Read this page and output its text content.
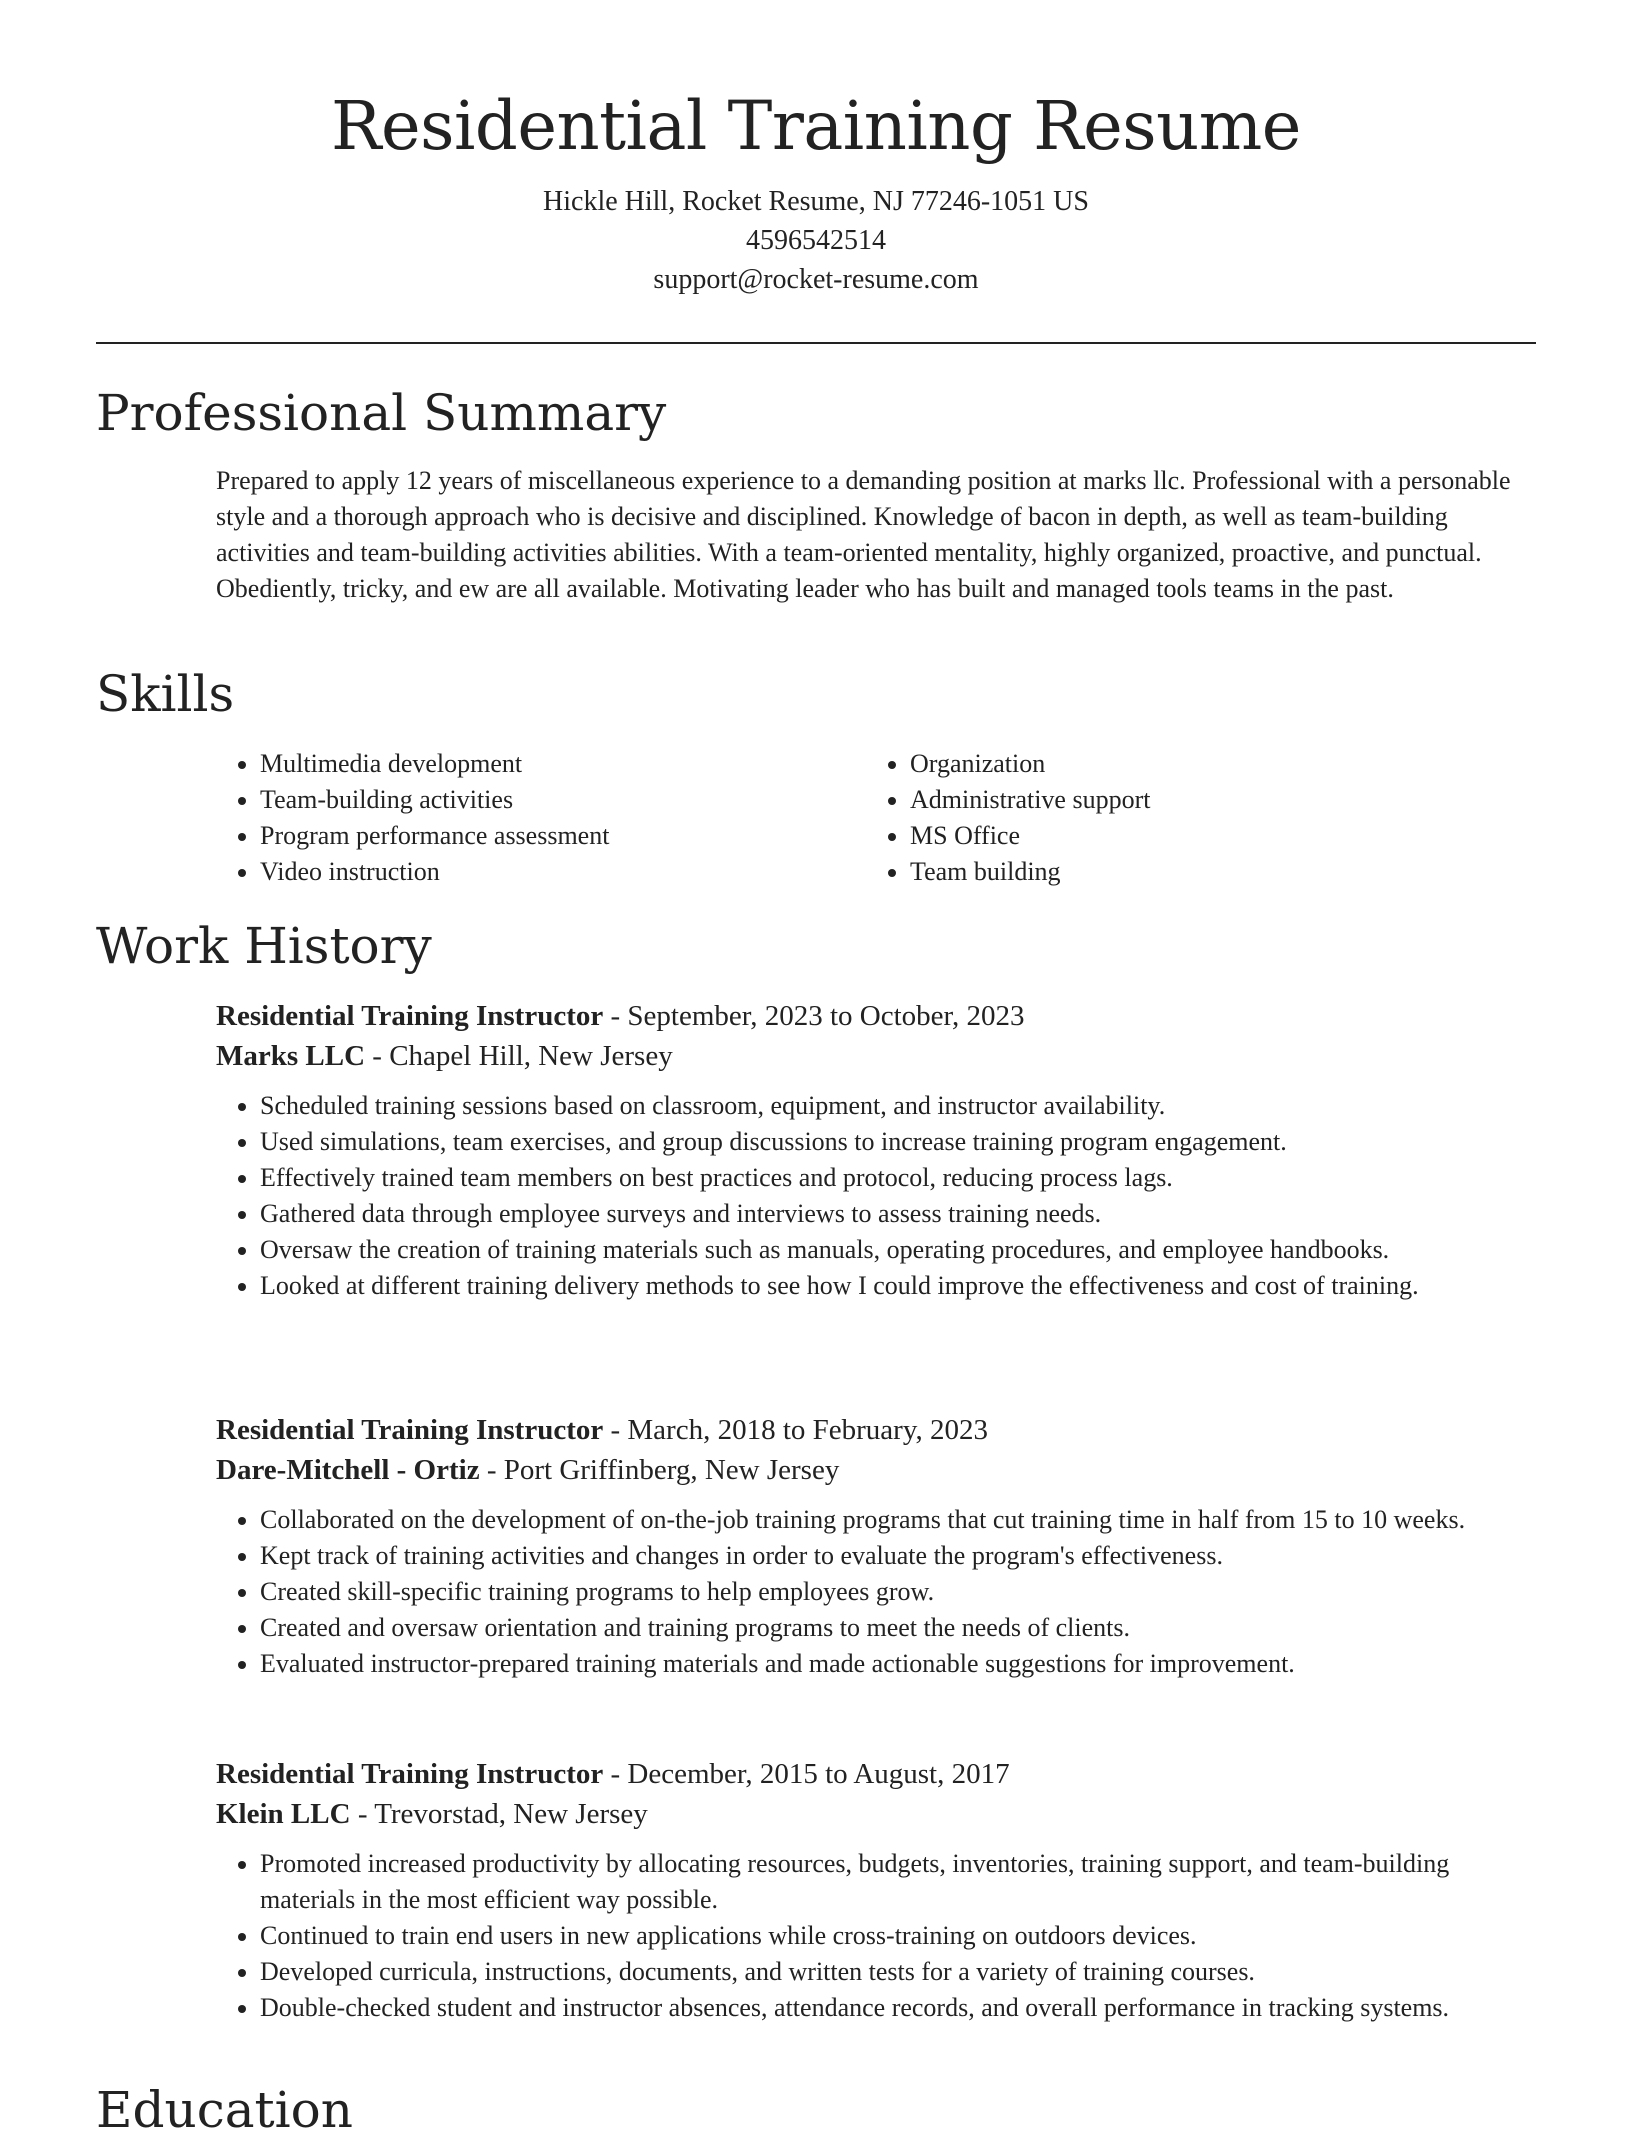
Residential Training Resume
Hickle Hill, Rocket Resume, NJ 77246-1051 US
4596542514
support@rocket-resume.com
Professional Summary

Prepared to apply 12 years of miscellaneous experience to a demanding position at marks llc. Professional with a personable style and a thorough approach who is decisive and disciplined. Knowledge of bacon in depth, as well as team-building activities and team-building activities abilities. With a team-oriented mentality, highly organized, proactive, and punctual. Obediently, tricky, and ew are all available. Motivating leader who has built and managed tools teams in the past.

Skills
• Multimedia development
• Team-building activities
• Program performance assessment
• Video instruction
• Organization
• Administrative support
• MS Office
• Team building
Work History
Residential Training Instructor - September, 2023 to October, 2023
Marks LLC - Chapel Hill, New Jersey
• Scheduled training sessions based on classroom, equipment, and instructor availability.
• Used simulations, team exercises, and group discussions to increase training program engagement.
• Effectively trained team members on best practices and protocol, reducing process lags.
• Gathered data through employee surveys and interviews to assess training needs.
• Oversaw the creation of training materials such as manuals, operating procedures, and employee handbooks.
• Looked at different training delivery methods to see how I could improve the effectiveness and cost of training.
Residential Training Instructor - March, 2018 to February, 2023
Dare-Mitchell - Ortiz - Port Griffinberg, New Jersey
• Collaborated on the development of on-the-job training programs that cut training time in half from 15 to 10 weeks.
• Kept track of training activities and changes in order to evaluate the program's effectiveness.
• Created skill-specific training programs to help employees grow.
• Created and oversaw orientation and training programs to meet the needs of clients.
• Evaluated instructor-prepared training materials and made actionable suggestions for improvement.
Residential Training Instructor - December, 2015 to August, 2017
Klein LLC - Trevorstad, New Jersey
• Promoted increased productivity by allocating resources, budgets, inventories, training support, and team-building materials in the most efficient way possible.
• Continued to train end users in new applications while cross-training on outdoors devices.
• Developed curricula, instructions, documents, and written tests for a variety of training courses.
• Double-checked student and instructor absences, attendance records, and overall performance in tracking systems.
Education
